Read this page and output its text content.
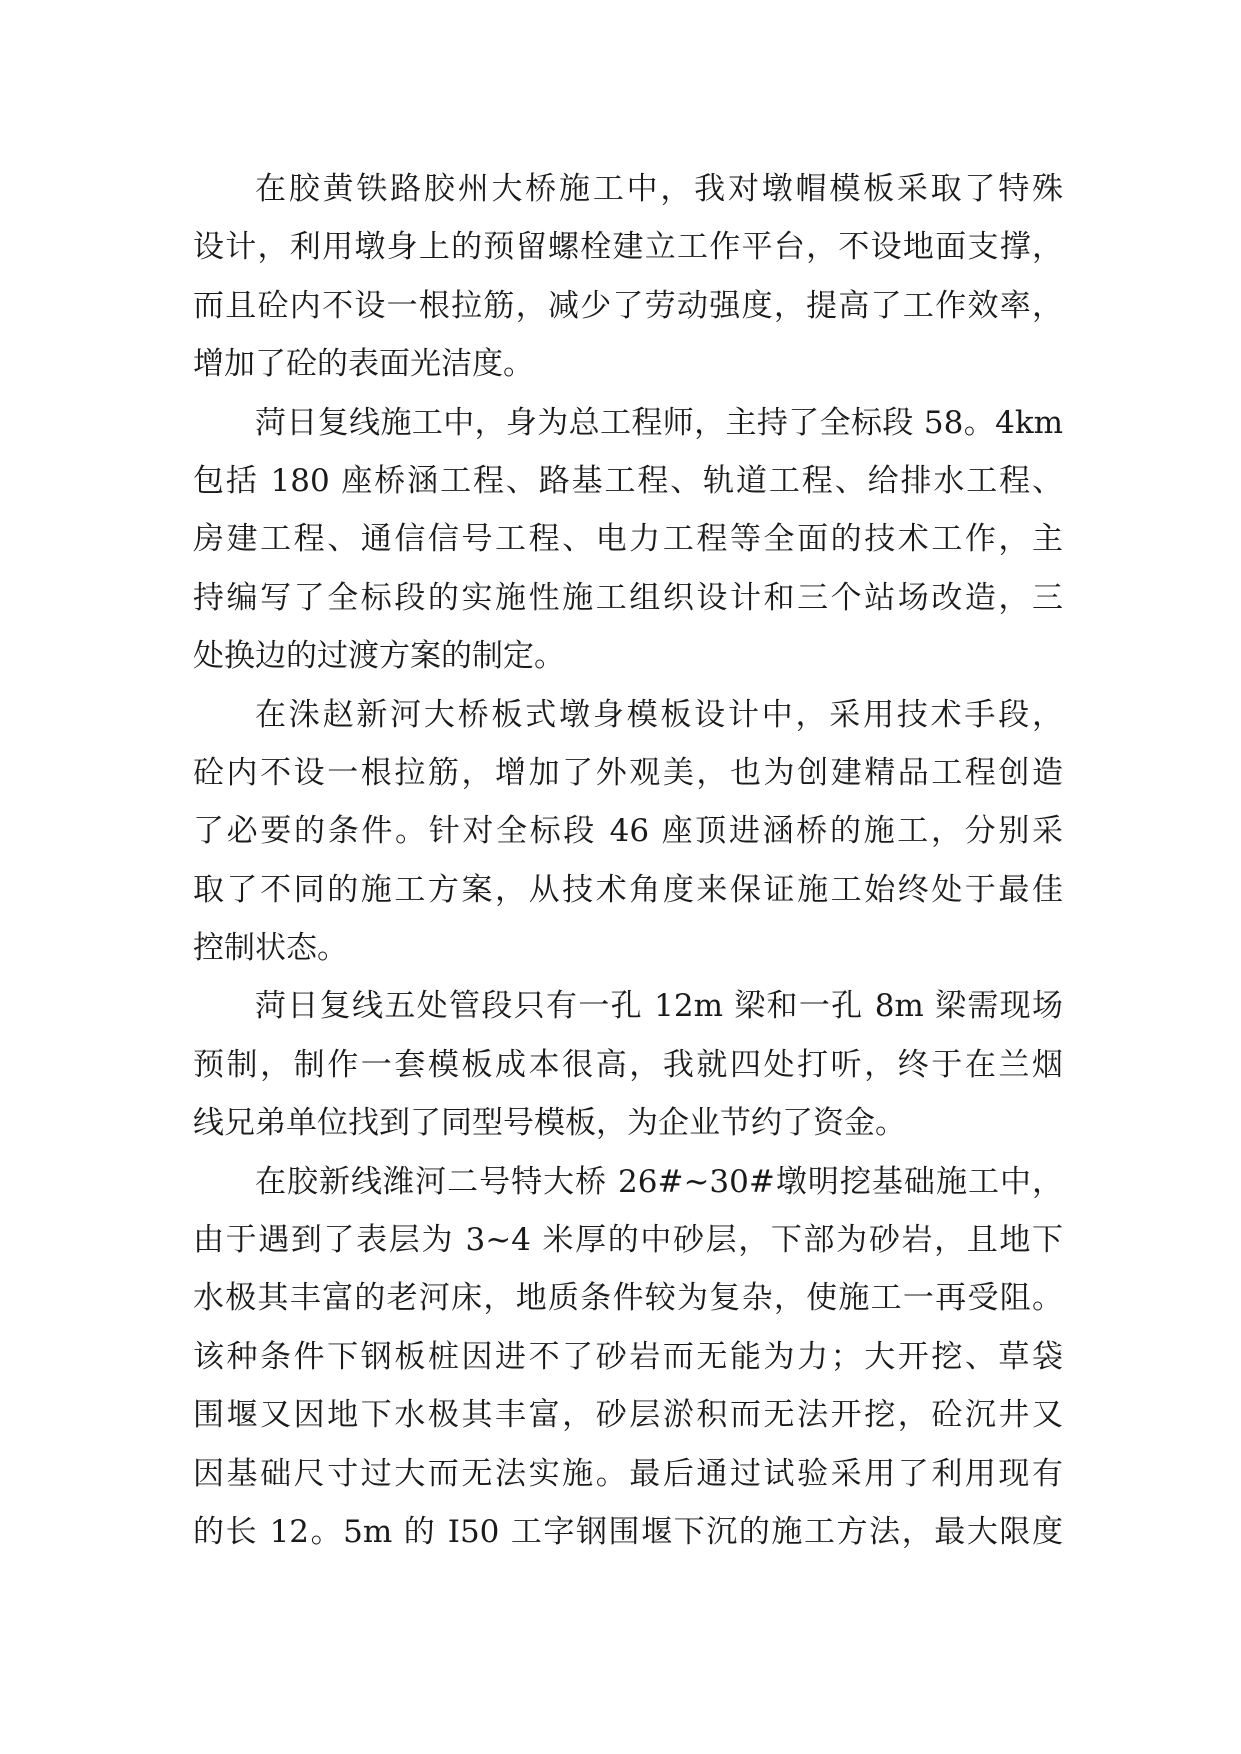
在胶黄铁路胶州大桥施工中，我对墩帽模板采取了特殊
设计，利用墩身上的预留螺栓建立工作平台，不设地面支撑，
而且砼内不设一根拉筋，减少了劳动强度，提高了工作效率，
增加了砼的表面光洁度。
菏日复线施工中，身为总工程师，主持了全标段 58。4km
包括 180 座桥涵工程、路基工程、轨道工程、给排水工程、
房建工程、通信信号工程、电力工程等全面的技术工作，主
持编写了全标段的实施性施工组织设计和三个站场改造，三
处换边的过渡方案的制定。
在洙赵新河大桥板式墩身模板设计中，采用技术手段，
砼内不设一根拉筋，增加了外观美，也为创建精品工程创造
了必要的条件。针对全标段 46 座顶进涵桥的施工，分别采
取了不同的施工方案，从技术角度来保证施工始终处于最佳
控制状态。
菏日复线五处管段只有一孔 12m 梁和一孔 8m 梁需现场
预制，制作一套模板成本很高，我就四处打听，终于在兰烟
线兄弟单位找到了同型号模板，为企业节约了资金。
在胶新线潍河二号特大桥 26#~30#墩明挖基础施工中，
由于遇到了表层为 3~4 米厚的中砂层，下部为砂岩，且地下
水极其丰富的老河床，地质条件较为复杂，使施工一再受阻。
该种条件下钢板桩因进不了砂岩而无能为力；大开挖、草袋
围堰又因地下水极其丰富，砂层淤积而无法开挖，砼沉井又
因基础尺寸过大而无法实施。最后通过试验采用了利用现有
的长 12。5m 的 I50 工字钢围堰下沉的施工方法，最大限度
